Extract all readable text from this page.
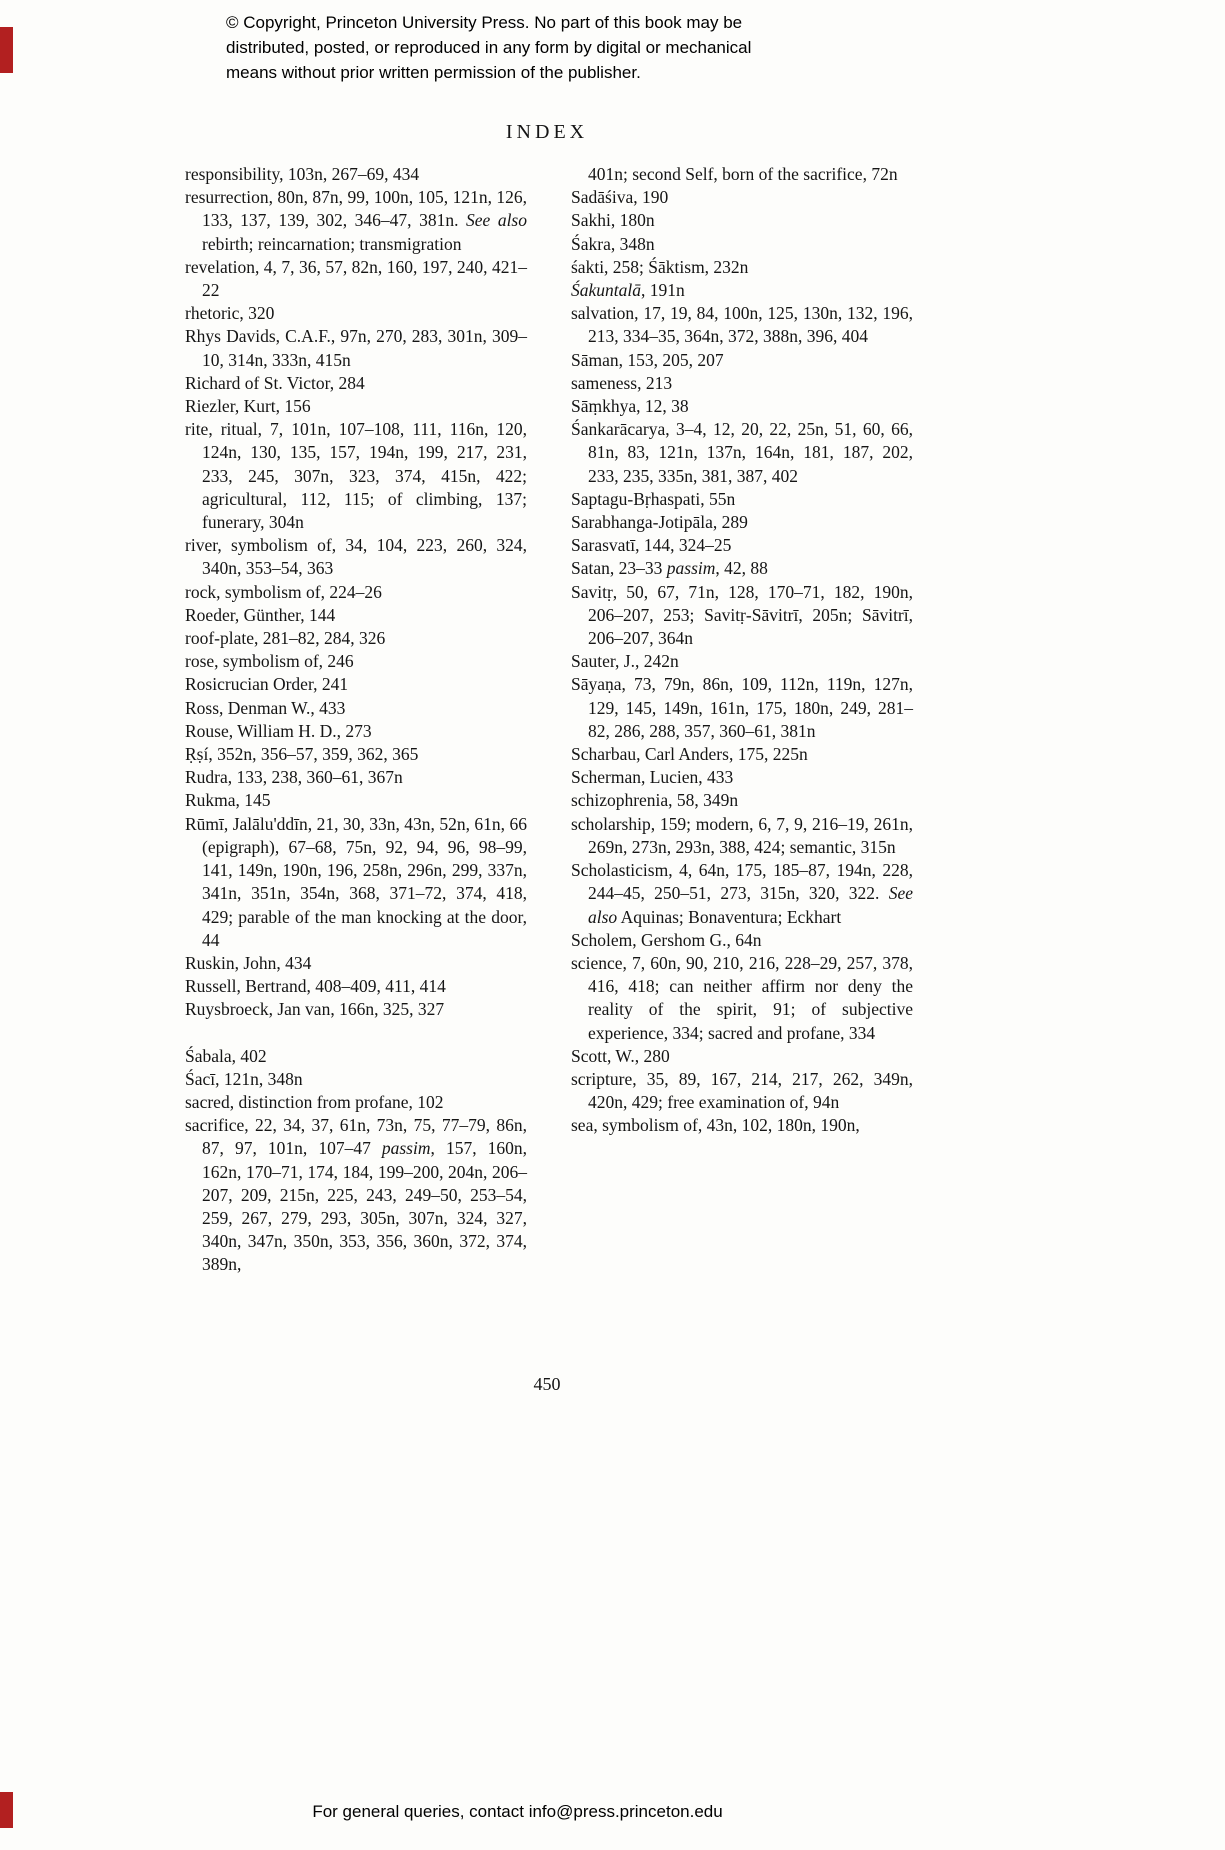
© Copyright, Princeton University Press. No part of this book may be
distributed, posted, or reproduced in any form by digital or mechanical
means without prior written permission of the publisher.
INDEX
responsibility, 103n, 267–69, 434
resurrection, 80n, 87n, 99, 100n, 105, 121n, 126, 133, 137, 139, 302, 346–47, 381n. See also rebirth; reincarnation; transmigration
revelation, 4, 7, 36, 57, 82n, 160, 197, 240, 421–22
rhetoric, 320
Rhys Davids, C.A.F., 97n, 270, 283, 301n, 309–10, 314n, 333n, 415n
Richard of St. Victor, 284
Riezler, Kurt, 156
rite, ritual, 7, 101n, 107–108, 111, 116n, 120, 124n, 130, 135, 157, 194n, 199, 217, 231, 233, 245, 307n, 323, 374, 415n, 422; agricultural, 112, 115; of climbing, 137; funerary, 304n
river, symbolism of, 34, 104, 223, 260, 324, 340n, 353–54, 363
rock, symbolism of, 224–26
Roeder, Günther, 144
roof-plate, 281–82, 284, 326
rose, symbolism of, 246
Rosicrucian Order, 241
Ross, Denman W., 433
Rouse, William H. D., 273
Ṛṣí, 352n, 356–57, 359, 362, 365
Rudra, 133, 238, 360–61, 367n
Rukma, 145
Rūmī, Jalālu'ddīn, 21, 30, 33n, 43n, 52n, 61n, 66 (epigraph), 67–68, 75n, 92, 94, 96, 98–99, 141, 149n, 190n, 196, 258n, 296n, 299, 337n, 341n, 351n, 354n, 368, 371–72, 374, 418, 429; parable of the man knocking at the door, 44
Ruskin, John, 434
Russell, Bertrand, 408–409, 411, 414
Ruysbroeck, Jan van, 166n, 325, 327
Śabala, 402
Śacī, 121n, 348n
sacred, distinction from profane, 102
sacrifice, 22, 34, 37, 61n, 73n, 75, 77–79, 86n, 87, 97, 101n, 107–47 passim, 157, 160n, 162n, 170–71, 174, 184, 199–200, 204n, 206–207, 209, 215n, 225, 243, 249–50, 253–54, 259, 267, 279, 293, 305n, 307n, 324, 327, 340n, 347n, 350n, 353, 356, 360n, 372, 374, 389n,
401n; second Self, born of the sacrifice, 72n
Sadāśiva, 190
Sakhi, 180n
Śakra, 348n
śakti, 258; Śāktism, 232n
Śakuntalā, 191n
salvation, 17, 19, 84, 100n, 125, 130n, 132, 196, 213, 334–35, 364n, 372, 388n, 396, 404
Sāman, 153, 205, 207
sameness, 213
Sāṃkhya, 12, 38
Śankarācarya, 3–4, 12, 20, 22, 25n, 51, 60, 66, 81n, 83, 121n, 137n, 164n, 181, 187, 202, 233, 235, 335n, 381, 387, 402
Saptagu-Bṛhaspati, 55n
Sarabhanga-Jotipāla, 289
Sarasvatī, 144, 324–25
Satan, 23–33 passim, 42, 88
Savitṛ, 50, 67, 71n, 128, 170–71, 182, 190n, 206–207, 253; Savitṛ-Sāvitrī, 205n; Sāvitrī, 206–207, 364n
Sauter, J., 242n
Sāyaṇa, 73, 79n, 86n, 109, 112n, 119n, 127n, 129, 145, 149n, 161n, 175, 180n, 249, 281–82, 286, 288, 357, 360–61, 381n
Scharbau, Carl Anders, 175, 225n
Scherman, Lucien, 433
schizophrenia, 58, 349n
scholarship, 159; modern, 6, 7, 9, 216–19, 261n, 269n, 273n, 293n, 388, 424; semantic, 315n
Scholasticism, 4, 64n, 175, 185–87, 194n, 228, 244–45, 250–51, 273, 315n, 320, 322. See also Aquinas; Bonaventura; Eckhart
Scholem, Gershom G., 64n
science, 7, 60n, 90, 210, 216, 228–29, 257, 378, 416, 418; can neither affirm nor deny the reality of the spirit, 91; of subjective experience, 334; sacred and profane, 334
Scott, W., 280
scripture, 35, 89, 167, 214, 217, 262, 349n, 420n, 429; free examination of, 94n
sea, symbolism of, 43n, 102, 180n, 190n,
450
For general queries, contact info@press.princeton.edu
